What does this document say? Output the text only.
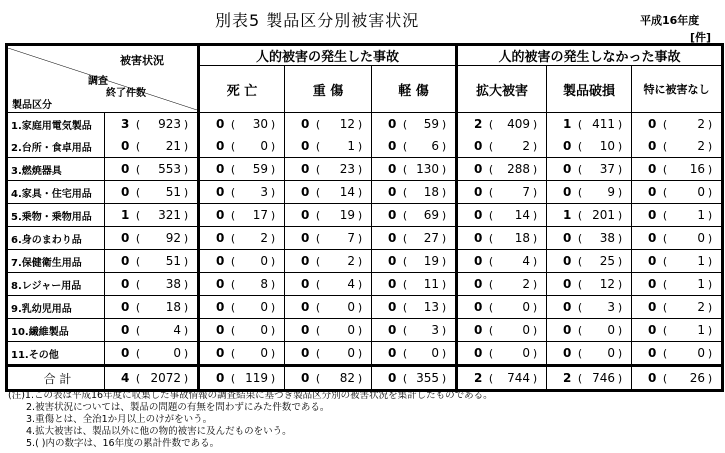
別表5 製品区分別被害状況	平成16年度
[件]
被害状況
調査
終了件数
製品区分		人的被害の発生した事故			人的被害の発生しなかった事故		
		死 亡	重 傷	軽 傷	拡大被害	製品破損	特に被害なし
1.家庭用電気製品	3 ( 923 )	0 ( 30 )	0 ( 12 )	0 ( 59 )	2 ( 409 )	1 ( 411 )	0 ( 2 )

2.台所・食卓用品	0 ( 21 )	0 ( 0 )	0 ( 1 )	0 ( 6 )	0 ( 2 )	0 ( 10 )	0 ( 2 )

3.燃焼器具	0 ( 553 )	0 ( 59 )	0 ( 23 )	0 ( 130 )	0 ( 288 )	0 ( 37 )	0 ( 16 )

4.家具・住宅用品	0 ( 51 )	0 ( 3 )	0 ( 14 )	0 ( 18 )	0 ( 7 )	0 ( 9 )	0 ( 0 )

5.乗物・乗物用品	1 ( 321 )	0 ( 17 )	0 ( 19 )	0 ( 69 )	0 ( 14 )	1 ( 201 )	0 ( 1 )

6.身のまわり品	0 ( 92 )	0 ( 2 )	0 ( 7 )	0 ( 27 )	0 ( 18 )	0 ( 38 )	0 ( 0 )

7.保健衛生用品	0 ( 51 )	0 ( 0 )	0 ( 2 )	0 ( 19 )	0 ( 4 )	0 ( 25 )	0 ( 1 )

8.レジャー用品	0 ( 38 )	0 ( 8 )	0 ( 4 )	0 ( 11 )	0 ( 2 )	0 ( 12 )	0 ( 1 )

9.乳幼児用品	0 ( 18 )	0 ( 0 )	0 ( 0 )	0 ( 13 )	0 ( 0 )	0 ( 3 )	0 ( 2 )

10.繊維製品	0 ( 4 )	0 ( 0 )	0 ( 0 )	0 ( 3 )	0 ( 0 )	0 ( 0 )	0 ( 1 )

11.その他	0 ( 0 )	0 ( 0 )	0 ( 0 )	0 ( 0 )	0 ( 0 )	0 ( 0 )	0 ( 0 )

合 計	4 ( 2072 )	0 ( 119 )	0 ( 82 )	0 ( 355 )	2 ( 744 )	2 ( 746 )	0 ( 26 )
(注)1.この表は平成16年度に収集した事故情報の調査結果に基づき製品区分別の被害状況を集計したものである。
2.被害状況については、製品の問題の有無を問わずにみた件数である。
3.重傷とは、全治1か月以上のけがをいう。
4.拡大被害は、製品以外に他の物的被害に及んだものをいう。
5.( )内の数字は、16年度の累計件数である。
